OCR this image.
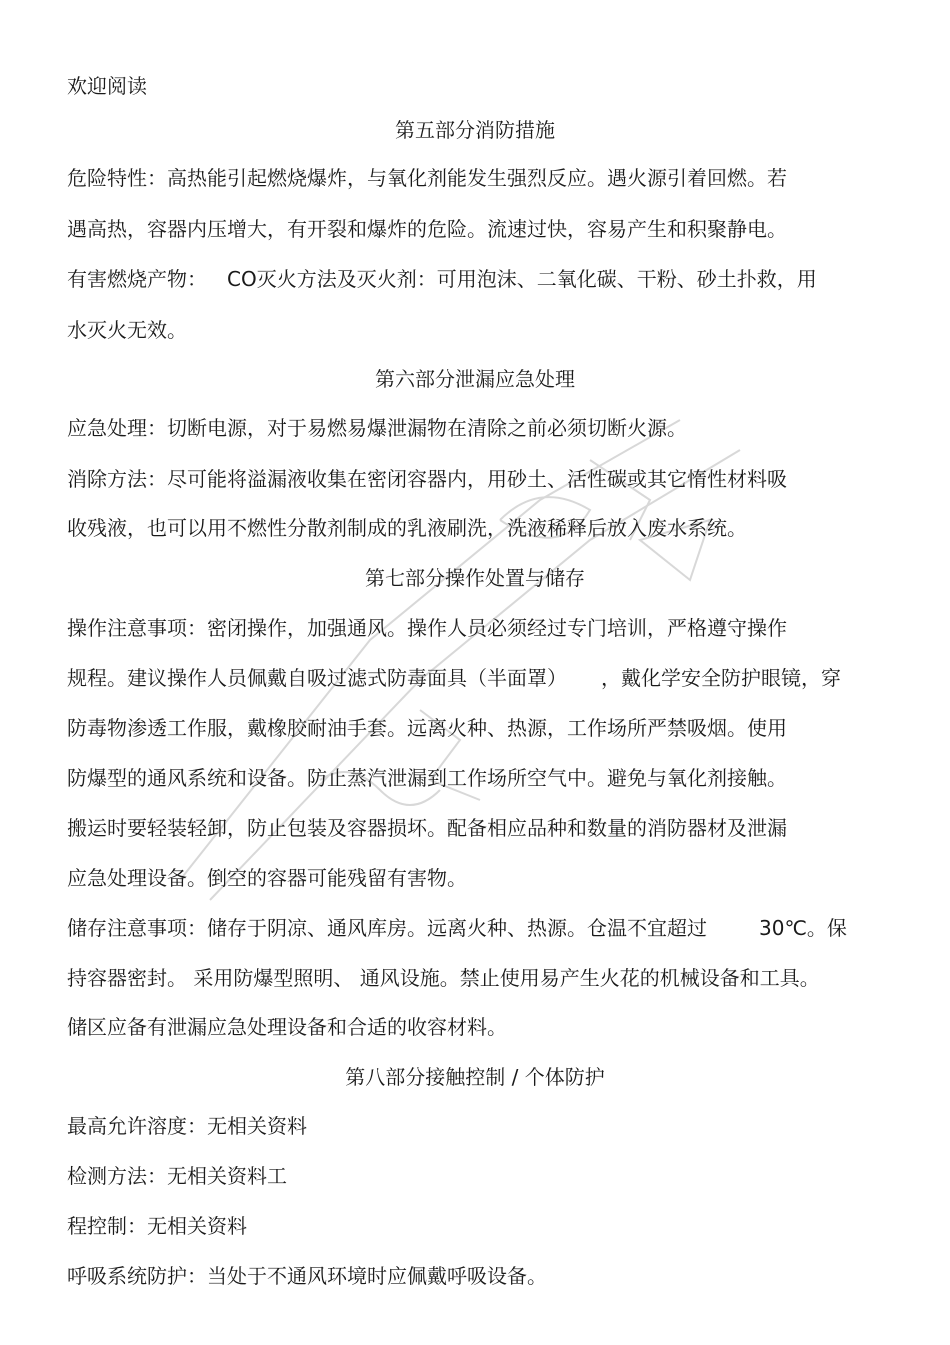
欢迎阅读
第五部分消防措施
危险特性：高热能引起燃烧爆炸，与氧化剂能发生强烈反应。遇火源引着回燃。若
遇高热，容器内压增大，有开裂和爆炸的危险。流速过快，容易产生和积聚静电。
有害燃烧产物： CO灭火方法及灭火剂：可用泡沫、二氧化碳、干粉、砂土扑救，用
水灭火无效。
第六部分泄漏应急处理
应急处理：切断电源，对于易燃易爆泄漏物在清除之前必须切断火源。
消除方法：尽可能将溢漏液收集在密闭容器内，用砂土、活性碳或其它惰性材料吸
收残液，也可以用不燃性分散剂制成的乳液刷洗，洗液稀释后放入废水系统。
第七部分操作处置与储存
操作注意事项：密闭操作，加强通风。操作人员必须经过专门培训，严格遵守操作
规程。建议操作人员佩戴自吸过滤式防毒面具（半面罩） ，戴化学安全防护眼镜，穿
防毒物渗透工作服，戴橡胶耐油手套。远离火种、热源，工作场所严禁吸烟。使用
防爆型的通风系统和设备。防止蒸汽泄漏到工作场所空气中。避免与氧化剂接触。
搬运时要轻装轻卸，防止包装及容器损坏。配备相应品种和数量的消防器材及泄漏
应急处理设备。倒空的容器可能残留有害物。
储存注意事项：储存于阴凉、通风库房。远离火种、热源。仓温不宜超过	30℃。保
持容器密封。 采用防爆型照明、 通风设施。禁止使用易产生火花的机械设备和工具。
储区应备有泄漏应急处理设备和合适的收容材料。
第八部分接触控制 / 个体防护
最高允许溶度：无相关资料
检测方法：无相关资料工
程控制：无相关资料
呼吸系统防护：当处于不通风环境时应佩戴呼吸设备。
